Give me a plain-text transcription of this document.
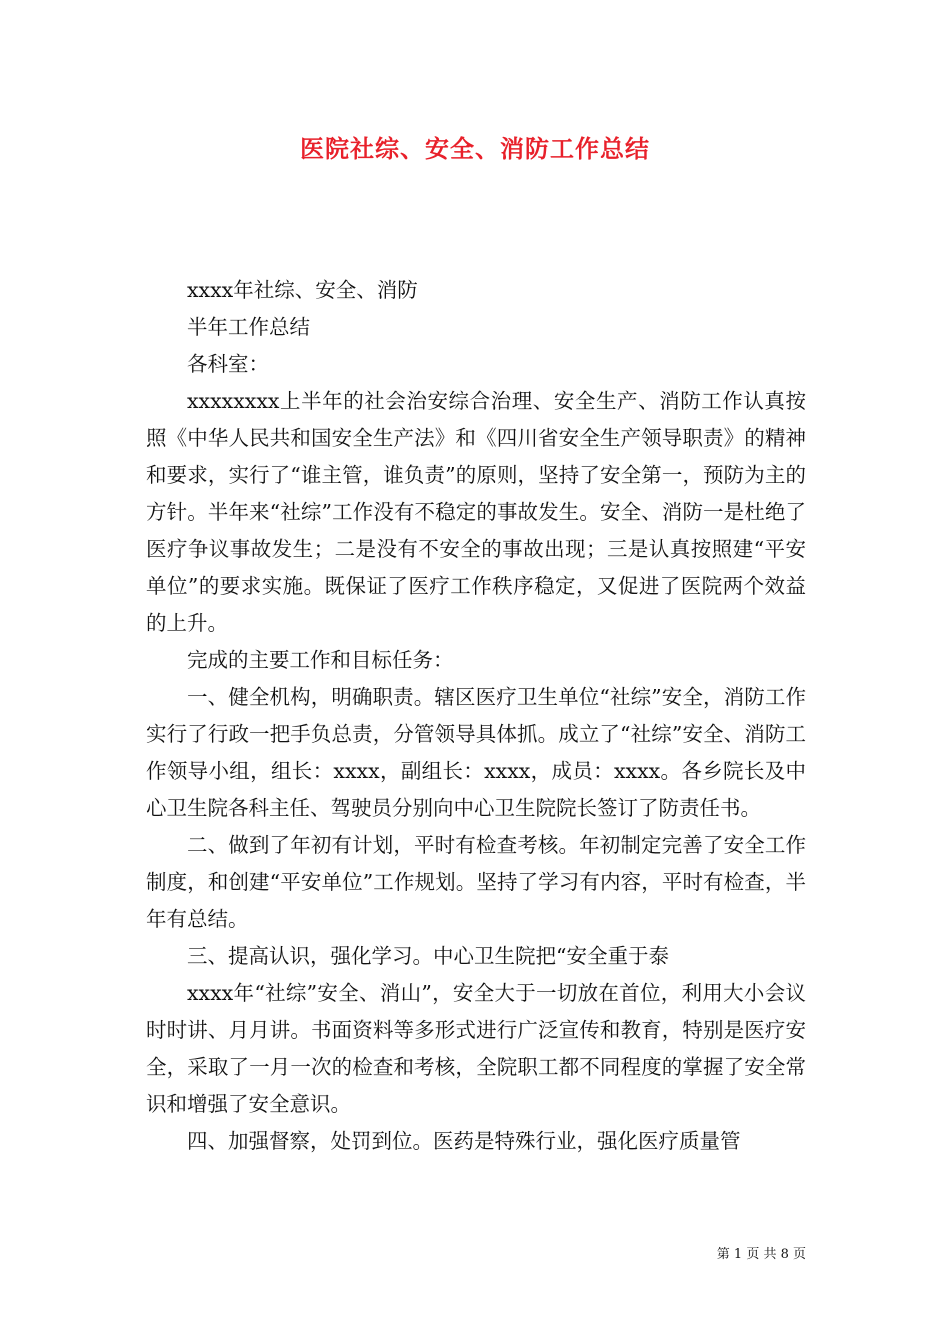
医院社综、安全、消防工作总结

xxxx年社综、安全、消防

半年工作总结

各科室：

xxxxxxxx上半年的社会治安综合治理、安全生产、消防工作认真按照《中华人民共和国安全生产法》和《四川省安全生产领导职责》的精神和要求，实行了“谁主管，谁负责”的原则，坚持了安全第一，预防为主的方针。半年来“社综”工作没有不稳定的事故发生。安全、消防一是杜绝了医疗争议事故发生；二是没有不安全的事故出现；三是认真按照建“平安单位”的要求实施。既保证了医疗工作秩序稳定，又促进了医院两个效益的上升。

完成的主要工作和目标任务：

一、健全机构，明确职责。辖区医疗卫生单位“社综”安全，消防工作实行了行政一把手负总责，分管领导具体抓。成立了“社综”安全、消防工作领导小组，组长：xxxx，副组长：xxxx，成员：xxxx。各乡院长及中心卫生院各科主任、驾驶员分别向中心卫生院院长签订了防责任书。

二、做到了年初有计划，平时有检查考核。年初制定完善了安全工作制度，和创建“平安单位”工作规划。坚持了学习有内容，平时有检查，半年有总结。

三、提高认识，强化学习。中心卫生院把“安全重于泰

xxxx年“社综”安全、消山”，安全大于一切放在首位，利用大小会议时时讲、月月讲。书面资料等多形式进行广泛宣传和教育，特别是医疗安全，采取了一月一次的检查和考核，全院职工都不同程度的掌握了安全常识和增强了安全意识。

四、加强督察，处罚到位。医药是特殊行业，强化医疗质量管

第 1 页 共 8 页
